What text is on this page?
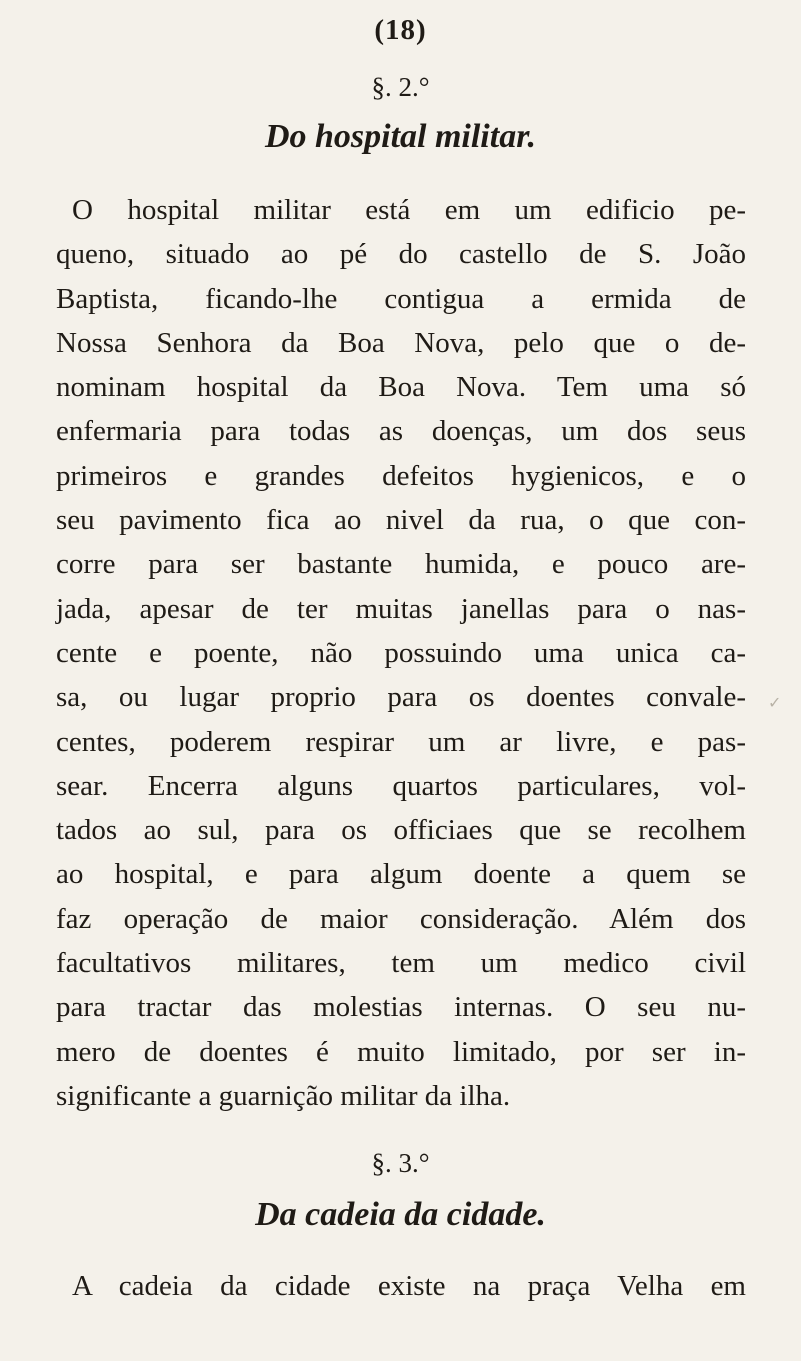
(18)
§. 2.°
Do hospital militar.
O hospital militar está em um edificio pe-
queno, situado ao pé do castello de S. João
Baptista, ficando-lhe contigua a ermida de
Nossa Senhora da Boa Nova, pelo que o de-
nominam hospital da Boa Nova. Tem uma só
enfermaria para todas as doenças, um dos seus
primeiros e grandes defeitos hygienicos, e o
seu pavimento fica ao nivel da rua, o que con-
corre para ser bastante humida, e pouco are-
jada, apesar de ter muitas janellas para o nas-
cente e poente, não possuindo uma unica ca-
sa, ou lugar proprio para os doentes convale-
centes, poderem respirar um ar livre, e pas-
sear. Encerra alguns quartos particulares, vol-
tados ao sul, para os officiaes que se recolhem
ao hospital, e para algum doente a quem se
faz operação de maior consideração. Além dos
facultativos militares, tem um medico civil
para tractar das molestias internas. O seu nu-
mero de doentes é muito limitado, por ser in-
significante a guarnição militar da ilha.
✓
§. 3.°
Da cadeia da cidade.
A cadeia da cidade existe na praça Velha em
